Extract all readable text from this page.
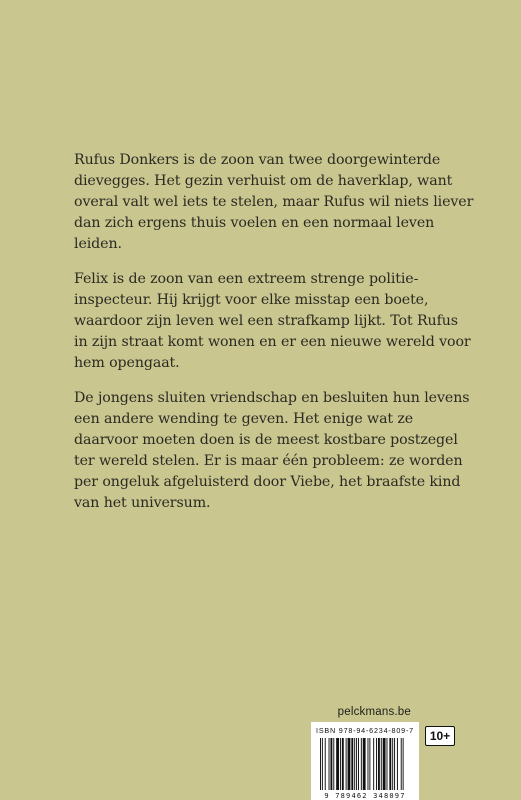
Rufus Donkers is de zoon van twee doorgewinterde dievegges. Het gezin verhuist om de haverklap, want overal valt wel iets te stelen, maar Rufus wil niets liever dan zich ergens thuis voelen en een normaal leven leiden.

Felix is de zoon van een extreem strenge politie-inspecteur. Hij krijgt voor elke misstap een boete, waardoor zijn leven wel een strafkamp lijkt. Tot Rufus in zijn straat komt wonen en er een nieuwe wereld voor hem opengaat.

De jongens sluiten vriendschap en besluiten hun levens een andere wending te geven. Het enige wat ze daarvoor moeten doen is de meest kostbare postzegel ter wereld stelen. Er is maar één probleem: ze worden per ongeluk afgeluisterd door Viebe, het braafste kind van het universum.

pelckmans.be
ISBN 978-94-6234-809-7
9 789462 348097
10+
